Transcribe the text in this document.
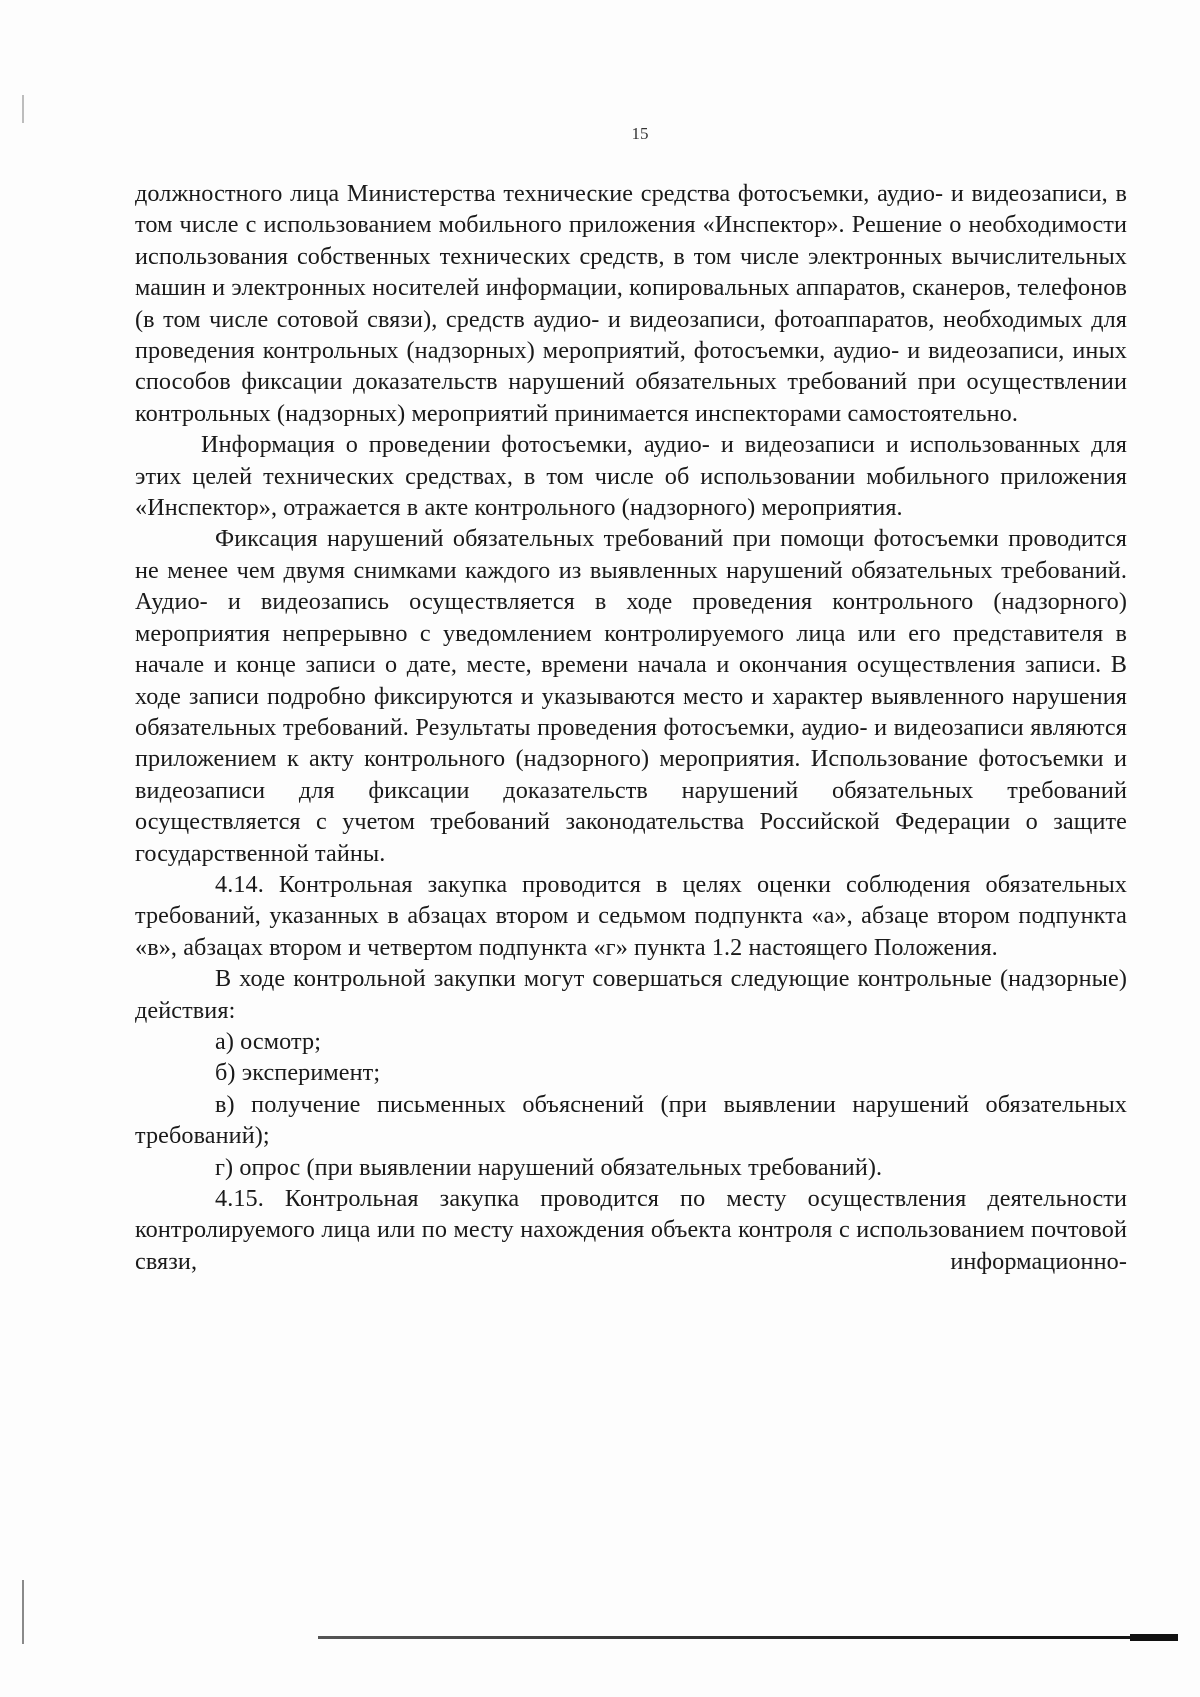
15

должностного лица Министерства технические средства фотосъемки, аудио- и видеозаписи, в том числе с использованием мобильного приложения «Инспектор». Решение о необходимости использования собственных технических средств, в том числе электронных вычислительных машин и электронных носителей информации, копировальных аппаратов, сканеров, телефонов (в том числе сотовой связи), средств аудио- и видеозаписи, фотоаппаратов, необходимых для проведения контрольных (надзорных) мероприятий, фотосъемки, аудио- и видеозаписи, иных способов фиксации доказательств нарушений обязательных требований при осуществлении контрольных (надзорных) мероприятий принимается инспекторами самостоятельно.

Информация о проведении фотосъемки, аудио- и видеозаписи и использованных для этих целей технических средствах, в том числе об использовании мобильного приложения «Инспектор», отражается в акте контрольного (надзорного) мероприятия.

Фиксация нарушений обязательных требований при помощи фотосъемки проводится не менее чем двумя снимками каждого из выявленных нарушений обязательных требований. Аудио- и видеозапись осуществляется в ходе проведения контрольного (надзорного) мероприятия непрерывно с уведомлением контролируемого лица или его представителя в начале и конце записи о дате, месте, времени начала и окончания осуществления записи. В ходе записи подробно фиксируются и указываются место и характер выявленного нарушения обязательных требований. Результаты проведения фотосъемки, аудио- и видеозаписи являются приложением к акту контрольного (надзорного) мероприятия. Использование фотосъемки и видеозаписи для фиксации доказательств нарушений обязательных требований осуществляется с учетом требований законодательства Российской Федерации о защите государственной тайны.

4.14. Контрольная закупка проводится в целях оценки соблюдения обязательных требований, указанных в абзацах втором и седьмом подпункта «а», абзаце втором подпункта «в», абзацах втором и четвертом подпункта «г» пункта 1.2 настоящего Положения.

В ходе контрольной закупки могут совершаться следующие контрольные (надзорные) действия:

а) осмотр;

б) эксперимент;

в) получение письменных объяснений (при выявлении нарушений обязательных требований);

г) опрос (при выявлении нарушений обязательных требований).

4.15. Контрольная закупка проводится по месту осуществления деятельности контролируемого лица или по месту нахождения объекта контроля с использованием почтовой связи, информационно-
